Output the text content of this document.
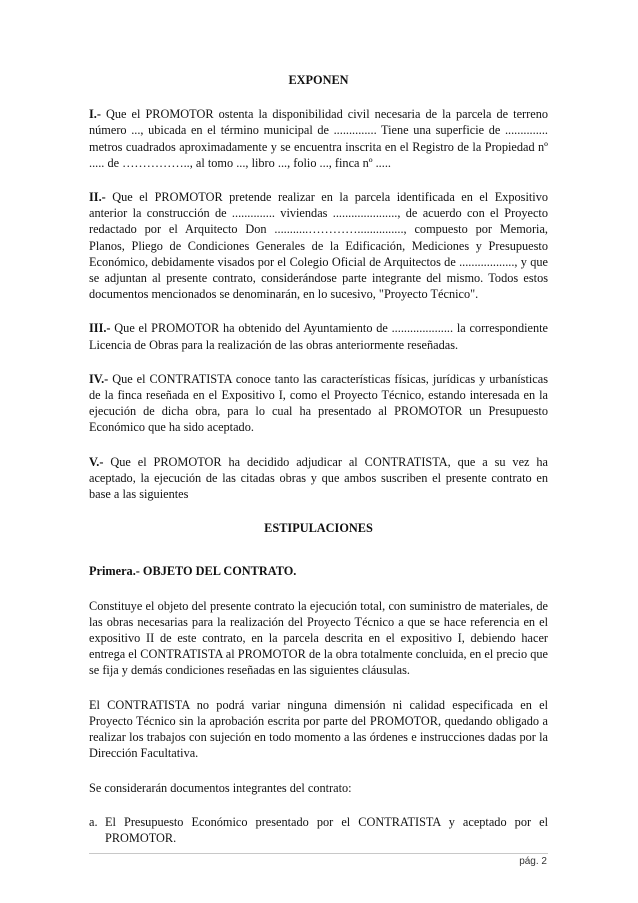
EXPONEN

I.- Que el PROMOTOR ostenta la disponibilidad civil necesaria de la parcela de terreno número ..., ubicada en el término municipal de .............. Tiene una superficie de .............. metros cuadrados aproximadamente y se encuentra inscrita en el Registro de la Propiedad nº ..... de …………….., al tomo ..., libro ..., folio ..., finca nº .....

II.- Que el PROMOTOR pretende realizar en la parcela identificada en el Expositivo anterior la construcción de .............. viviendas ....................., de acuerdo con el Proyecto redactado por el Arquitecto Don ...........…………..............., compuesto por Memoria, Planos, Pliego de Condiciones Generales de la Edificación, Mediciones y Presupuesto Económico, debidamente visados por el Colegio Oficial de Arquitectos de .................., y que se adjuntan al presente contrato, considerándose parte integrante del mismo. Todos estos documentos mencionados se denominarán, en lo sucesivo, "Proyecto Técnico".

III.- Que el PROMOTOR ha obtenido del Ayuntamiento de .................... la correspondiente Licencia de Obras para la realización de las obras anteriormente reseñadas.

IV.- Que el CONTRATISTA conoce tanto las características físicas, jurídicas y urbanísticas de la finca reseñada en el Expositivo I, como el Proyecto Técnico, estando interesada en la ejecución de dicha obra, para lo cual ha presentado al PROMOTOR un Presupuesto Económico que ha sido aceptado.

V.- Que el PROMOTOR ha decidido adjudicar al CONTRATISTA, que a su vez ha aceptado, la ejecución de las citadas obras y que ambos suscriben el presente contrato en base a las siguientes

ESTIPULACIONES

Primera.- OBJETO DEL CONTRATO.

Constituye el objeto del presente contrato la ejecución total, con suministro de materiales, de las obras necesarias para la realización del Proyecto Técnico a que se hace referencia en el expositivo II de este contrato, en la parcela descrita en el expositivo I, debiendo hacer entrega el CONTRATISTA al PROMOTOR de la obra totalmente concluida, en el precio que se fija y demás condiciones reseñadas en las siguientes cláusulas.

El CONTRATISTA no podrá variar ninguna dimensión ni calidad especificada en el Proyecto Técnico sin la aprobación escrita por parte del PROMOTOR, quedando obligado a realizar los trabajos con sujeción en todo momento a las órdenes e instrucciones dadas por la Dirección Facultativa.

Se considerarán documentos integrantes del contrato:

a. El Presupuesto Económico presentado por el CONTRATISTA y aceptado por el PROMOTOR.
pág. 2
